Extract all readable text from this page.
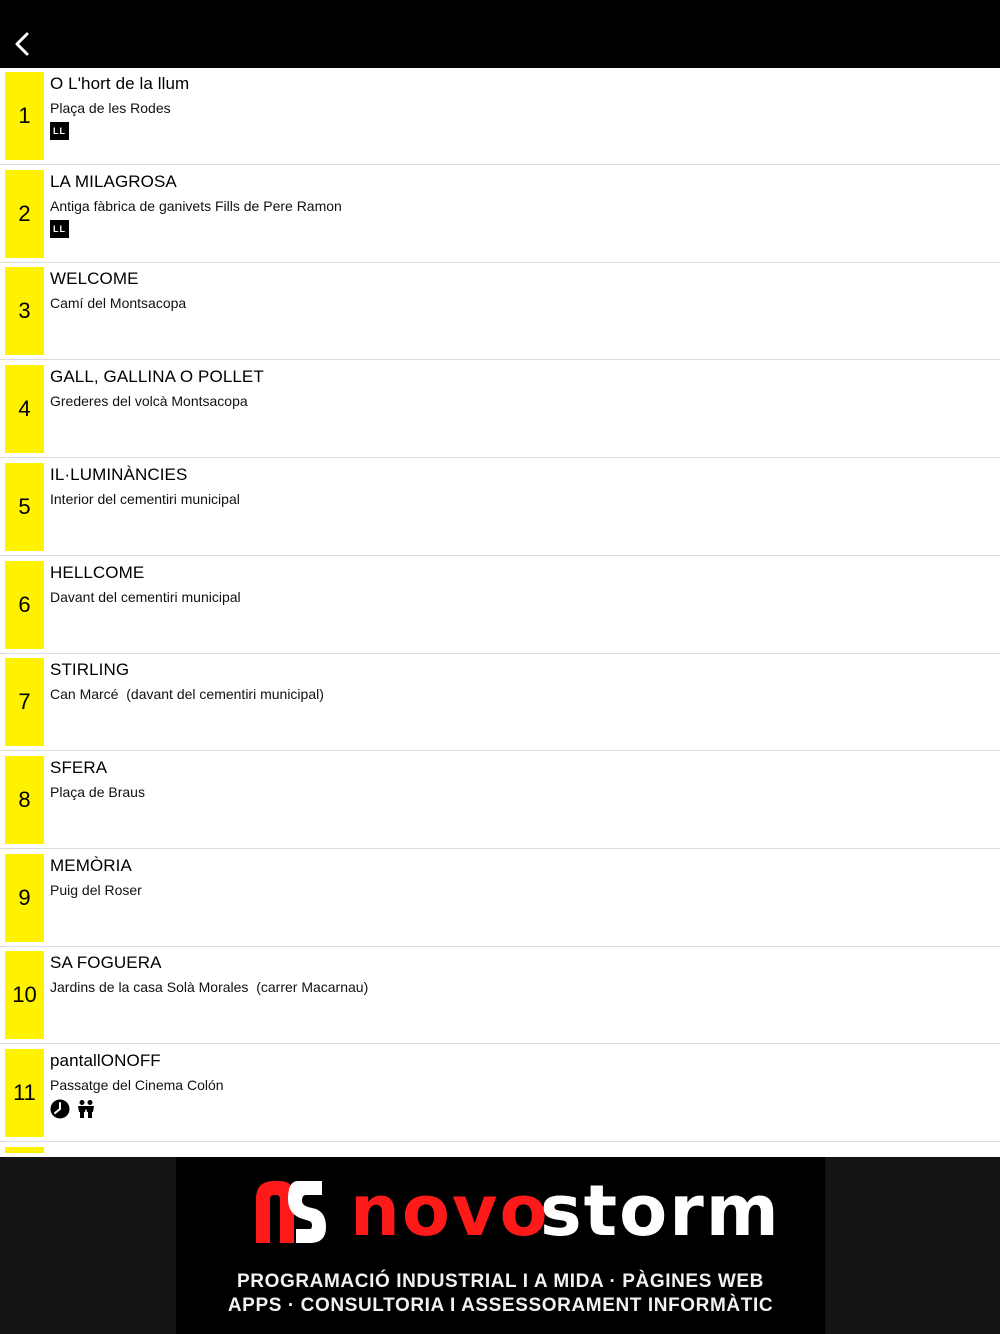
1
O L'hort de la llum
Plaça de les Rodes
LL
2
LA MILAGROSA
Antiga fàbrica de ganivets Fills de Pere Ramon
LL
3
WELCOME
Camí del Montsacopa
4
GALL, GALLINA O POLLET
Grederes del volcà Montsacopa
5
IL·LUMINÀNCIES
Interior del cementiri municipal
6
HELLCOME
Davant del cementiri municipal
7
STIRLING
Can Marcé  (davant del cementiri municipal)
8
SFERA
Plaça de Braus
9
MEMÒRIA
Puig del Roser
10
SA FOGUERA
Jardins de la casa Solà Morales  (carrer Macarnau)
11
pantallONOFF
Passatge del Cinema Colón
novo
storm
PROGRAMACIÓ INDUSTRIAL I A MIDA · PÀGINES WEB
APPS · CONSULTORIA I ASSESSORAMENT INFORMÀTIC
